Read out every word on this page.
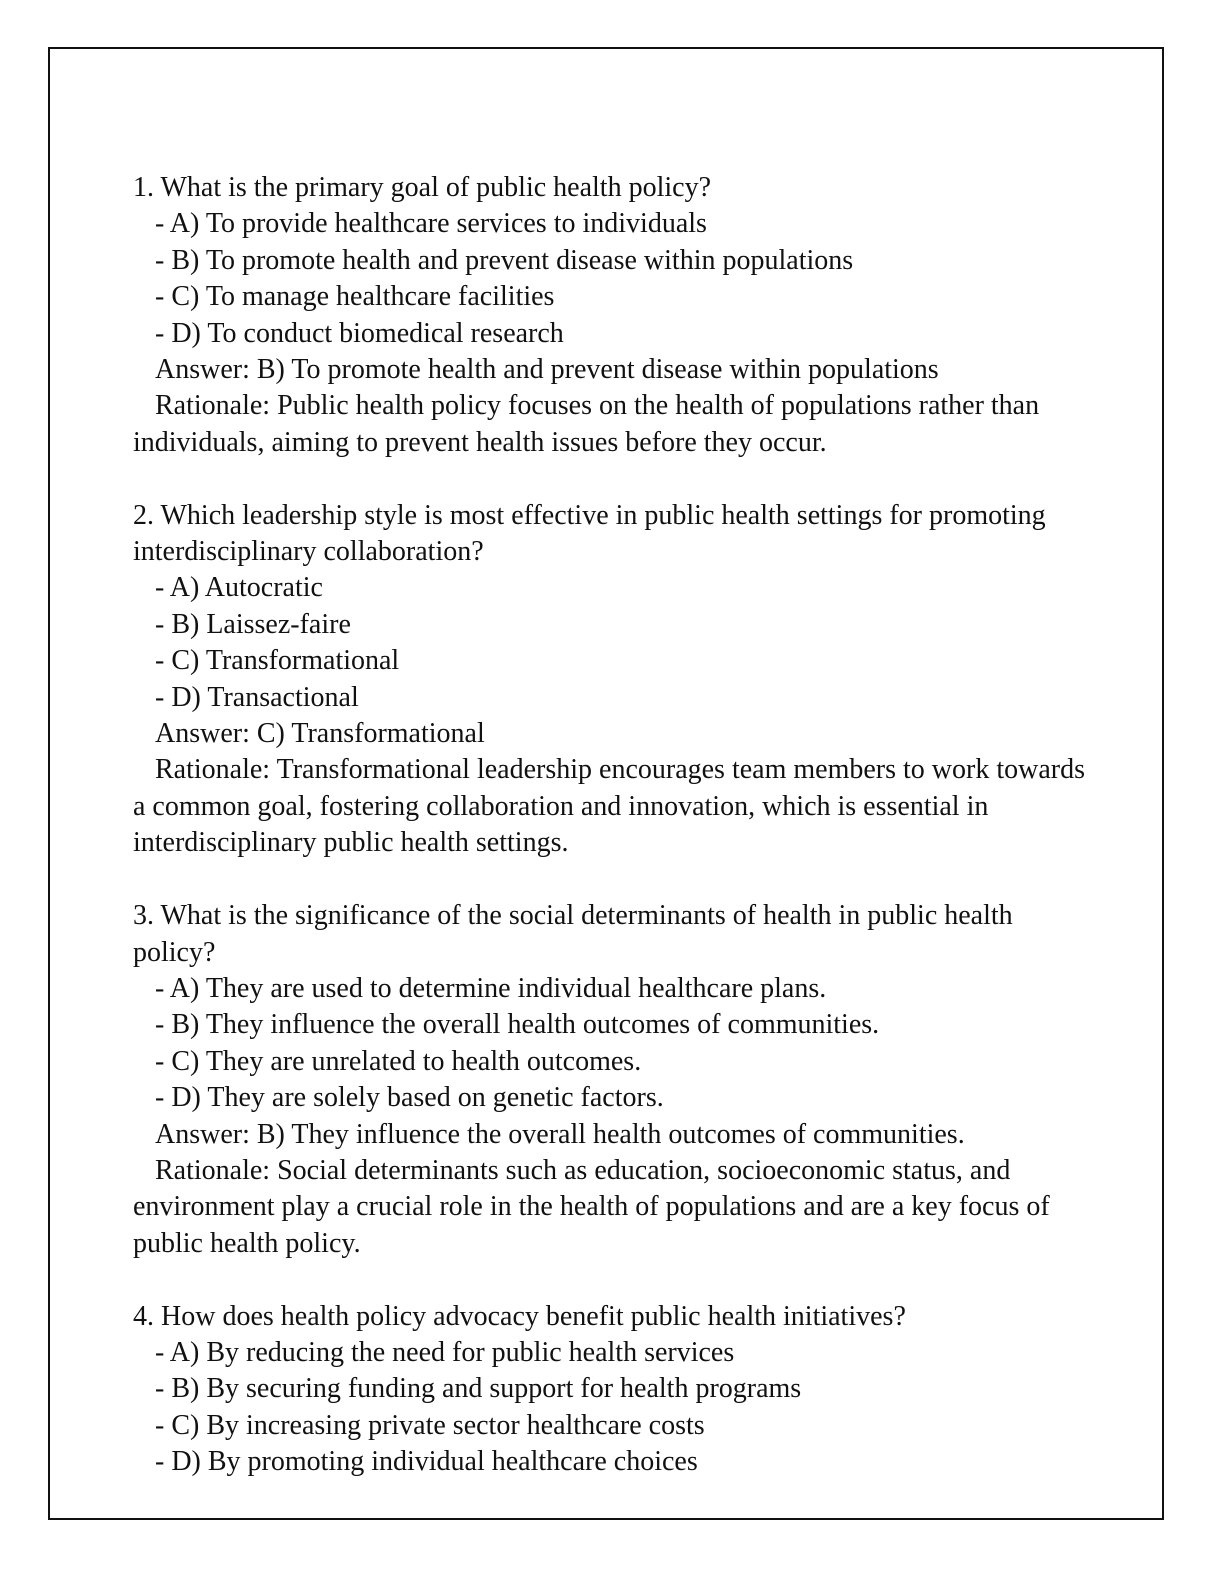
1. What is the primary goal of public health policy?
- A) To provide healthcare services to individuals
- B) To promote health and prevent disease within populations
- C) To manage healthcare facilities
- D) To conduct biomedical research
Answer: B) To promote health and prevent disease within populations
Rationale: Public health policy focuses on the health of populations rather than individuals, aiming to prevent health issues before they occur.
2. Which leadership style is most effective in public health settings for promoting interdisciplinary collaboration?
- A) Autocratic
- B) Laissez-faire
- C) Transformational
- D) Transactional
Answer: C) Transformational
Rationale: Transformational leadership encourages team members to work towards a common goal, fostering collaboration and innovation, which is essential in interdisciplinary public health settings.
3. What is the significance of the social determinants of health in public health policy?
- A) They are used to determine individual healthcare plans.
- B) They influence the overall health outcomes of communities.
- C) They are unrelated to health outcomes.
- D) They are solely based on genetic factors.
Answer: B) They influence the overall health outcomes of communities.
Rationale: Social determinants such as education, socioeconomic status, and environment play a crucial role in the health of populations and are a key focus of public health policy.
4. How does health policy advocacy benefit public health initiatives?
- A) By reducing the need for public health services
- B) By securing funding and support for health programs
- C) By increasing private sector healthcare costs
- D) By promoting individual healthcare choices
